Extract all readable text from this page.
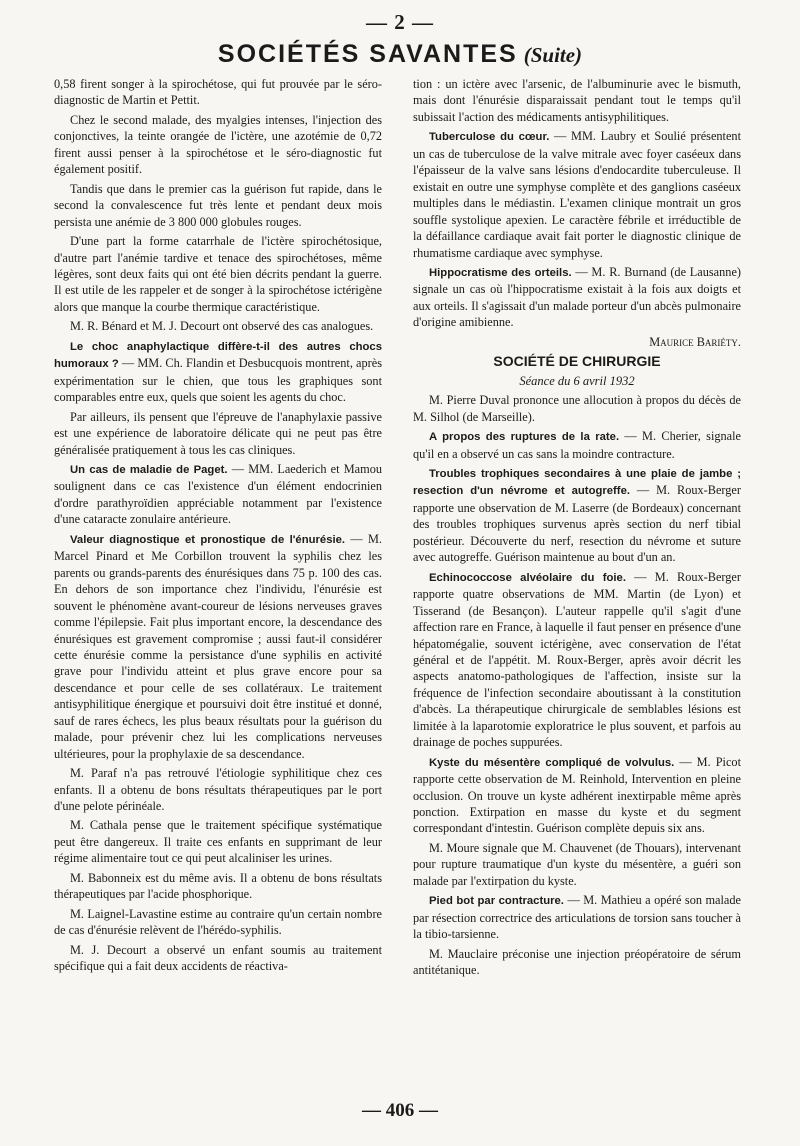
— 2 —
SOCIÉTÉS SAVANTES (Suite)

0,58 firent songer à la spirochétose, qui fut prouvée par le séro-diagnostic de Martin et Pettit.

Chez le second malade, des myalgies intenses, l'injection des conjonctives, la teinte orangée de l'ictère, une azotémie de 0,72 firent aussi penser à la spirochétose et le séro-diagnostic fut également positif.

Tandis que dans le premier cas la guérison fut rapide, dans le second la convalescence fut très lente et pendant deux mois persista une anémie de 3 800 000 globules rouges.

D'une part la forme catarrhale de l'ictère spirochétosique, d'autre part l'anémie tardive et tenace des spirochétoses, même légères, sont deux faits qui ont été bien décrits pendant la guerre. Il est utile de les rappeler et de songer à la spirochétose ictérigène alors que manque la courbe thermique caractéristique.

M. R. Bénard et M. J. Decourt ont observé des cas analogues.

Le choc anaphylactique diffère-t-il des autres chocs humoraux ? — MM. Ch. Flandin et Desbucquois montrent, après expérimentation sur le chien, que tous les graphiques sont comparables entre eux, quels que soient les agents du choc.

Par ailleurs, ils pensent que l'épreuve de l'anaphylaxie passive est une expérience de laboratoire délicate qui ne peut pas être généralisée pratiquement à tous les cas cliniques.

Un cas de maladie de Paget. — MM. Laederich et Mamou soulignent dans ce cas l'existence d'un élément endocrinien d'ordre parathyroïdien appréciable notamment par l'existence d'une cataracte zonulaire antérieure.

Valeur diagnostique et pronostique de l'énurésie. — M. Marcel Pinard et Me Corbillon trouvent la syphilis chez les parents ou grands-parents des énurésiques dans 75 p. 100 des cas. En dehors de son importance chez l'individu, l'énurésie est souvent le phénomène avant-coureur de lésions nerveuses graves comme l'épilepsie. Fait plus important encore, la descendance des énurésiques est gravement compromise ; aussi faut-il considérer cette énurésie comme la persistance d'une syphilis en activité grave pour l'individu atteint et plus grave encore pour sa descendance et pour celle de ses collatéraux. Le traitement antisyphilitique énergique et poursuivi doit être institué et donné, sauf de rares échecs, les plus beaux résultats pour la guérison du malade, pour prévenir chez lui les complications nerveuses ultérieures, pour la prophylaxie de sa descendance.

M. Paraf n'a pas retrouvé l'étiologie syphilitique chez ces enfants. Il a obtenu de bons résultats thérapeutiques par le port d'une pelote périnéale.

M. Cathala pense que le traitement spécifique systématique peut être dangereux. Il traite ces enfants en supprimant de leur régime alimentaire tout ce qui peut alcaliniser les urines.

M. Babonneix est du même avis. Il a obtenu de bons résultats thérapeutiques par l'acide phosphorique.

M. Laignel-Lavastine estime au contraire qu'un certain nombre de cas d'énurésie relèvent de l'hérédo-syphilis.

M. J. Decourt a observé un enfant soumis au traitement spécifique qui a fait deux accidents de réactiva-

tion : un ictère avec l'arsenic, de l'albuminurie avec le bismuth, mais dont l'énurésie disparaissait pendant tout le temps qu'il subissait l'action des médicaments antisyphilitiques.

Tuberculose du cœur. — MM. Laubry et Soulié présentent un cas de tuberculose de la valve mitrale avec foyer caséeux dans l'épaisseur de la valve sans lésions d'endocardite tuberculeuse. Il existait en outre une symphyse complète et des ganglions caséeux multiples dans le médiastin. L'examen clinique montrait un gros souffle systolique apexien. Le caractère fébrile et irréductible de la défaillance cardiaque avait fait porter le diagnostic clinique de rhumatisme cardiaque avec symphyse.

Hippocratisme des orteils. — M. R. Burnand (de Lausanne) signale un cas où l'hippocratisme existait à la fois aux doigts et aux orteils. Il s'agissait d'un malade porteur d'un abcès pulmonaire d'origine amibienne.

Maurice Bariéty.

SOCIÉTÉ DE CHIRURGIE

Séance du 6 avril 1932

M. Pierre Duval prononce une allocution à propos du décès de M. Silhol (de Marseille).

A propos des ruptures de la rate. — M. Cherier, signale qu'il en a observé un cas sans la moindre contracture.

Troubles trophiques secondaires à une plaie de jambe ; resection d'un névrome et autogreffe. — M. Roux-Berger rapporte une observation de M. Laserre (de Bordeaux) concernant des troubles trophiques survenus après section du nerf tibial postérieur. Découverte du nerf, resection du névrome et suture avec autogreffe. Guérison maintenue au bout d'un an.

Echinococcose alvéolaire du foie. — M. Roux-Berger rapporte quatre observations de MM. Martin (de Lyon) et Tisserand (de Besançon). L'auteur rappelle qu'il s'agit d'une affection rare en France, à laquelle il faut penser en présence d'une hépatomégalie, souvent ictérigène, avec conservation de l'état général et de l'appétit. M. Roux-Berger, après avoir décrit les aspects anatomo-pathologiques de l'affection, insiste sur la fréquence de l'infection secondaire aboutissant à la constitution d'abcès. La thérapeutique chirurgicale de semblables lésions est limitée à la laparotomie exploratrice le plus souvent, et parfois au drainage de poches suppurées.

Kyste du mésentère compliqué de volvulus. — M. Picot rapporte cette observation de M. Reinhold, Intervention en pleine occlusion. On trouve un kyste adhérent inextirpable même après ponction. Extirpation en masse du kyste et du segment correspondant d'intestin. Guérison complète depuis six ans.

M. Moure signale que M. Chauvenet (de Thouars), intervenant pour rupture traumatique d'un kyste du mésentère, a guéri son malade par l'extirpation du kyste.

Pied bot par contracture. — M. Mathieu a opéré son malade par résection correctrice des articulations de torsion sans toucher à la tibio-tarsienne.

M. Mauclaire préconise une injection préopératoire de sérum antitétanique.

— 406 —
